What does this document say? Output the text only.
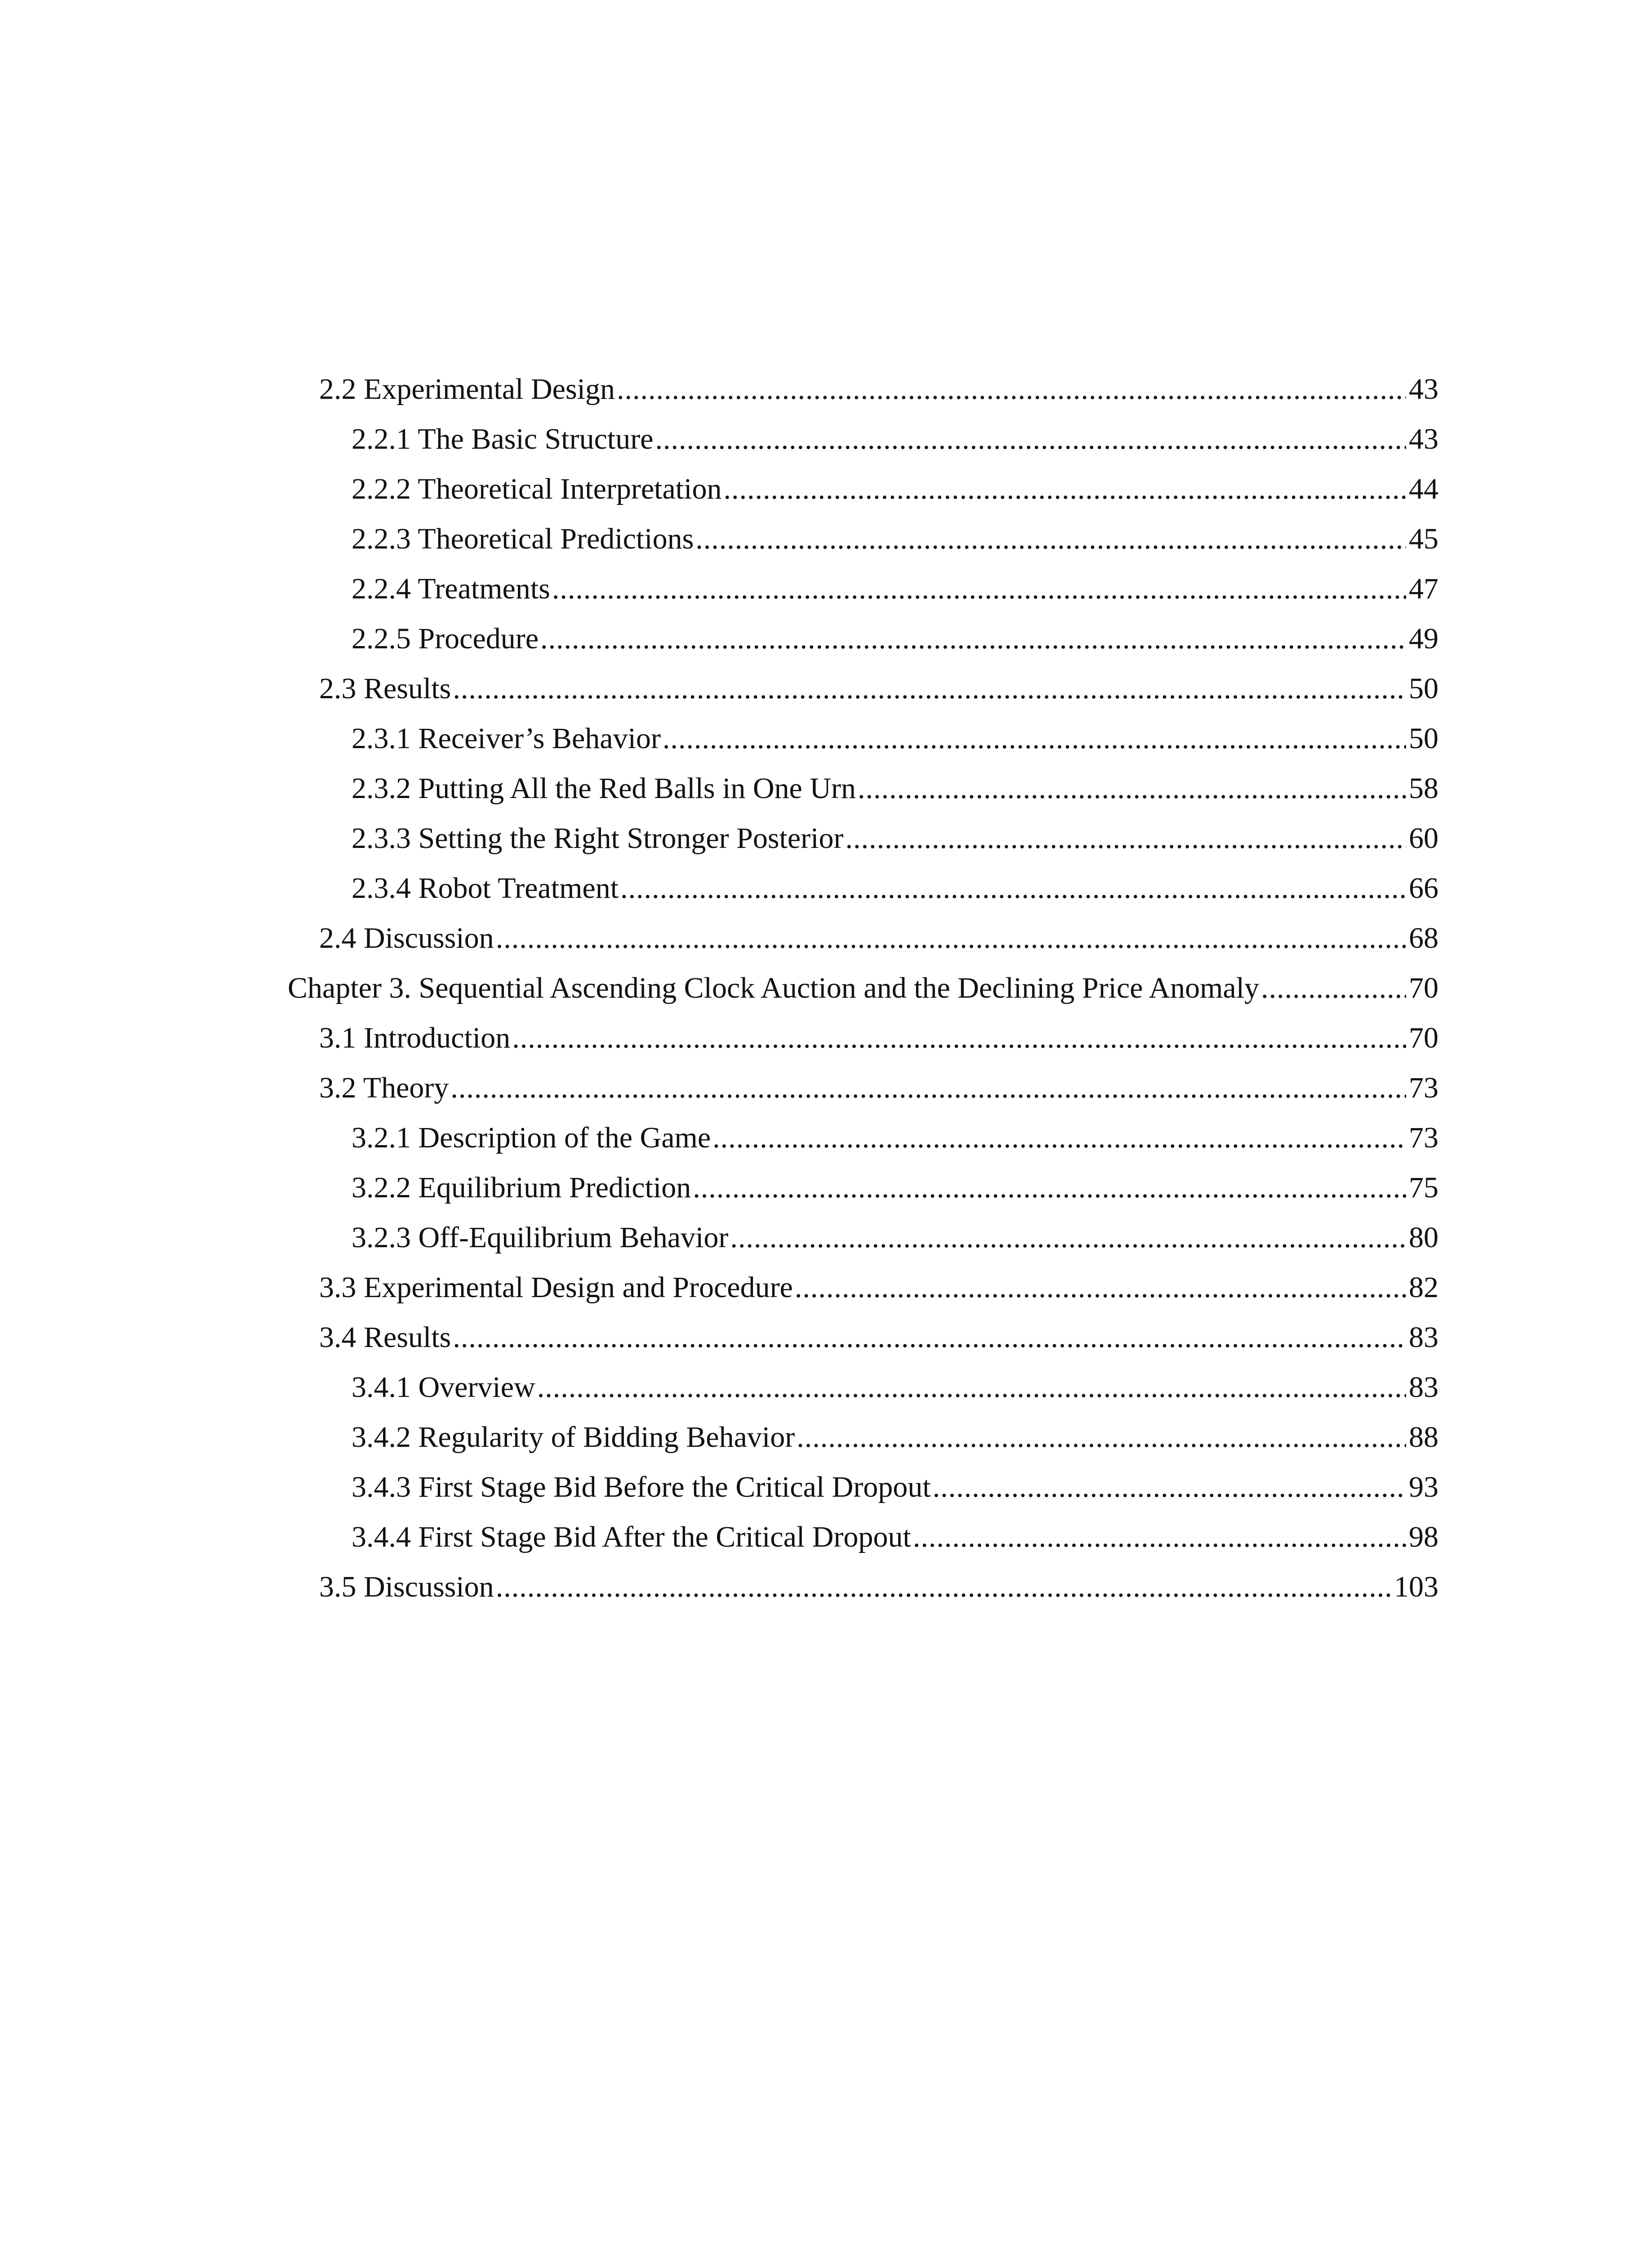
2.2 Experimental Design .....	43
2.2.1 The Basic Structure .....	43
2.2.2 Theoretical Interpretation .....	44
2.2.3 Theoretical Predictions .....	45
2.2.4 Treatments .....	47
2.2.5 Procedure .....	49
2.3 Results .....	50
2.3.1 Receiver’s Behavior .....	50
2.3.2 Putting All the Red Balls in One Urn .....	58
2.3.3 Setting the Right Stronger Posterior .....	60
2.3.4 Robot Treatment .....	66
2.4 Discussion .....	68
Chapter 3. Sequential Ascending Clock Auction and the Declining Price Anomaly .....	70
3.1 Introduction .....	70
3.2 Theory .....	73
3.2.1 Description of the Game .....	73
3.2.2 Equilibrium Prediction .....	75
3.2.3 Off-Equilibrium Behavior .....	80
3.3 Experimental Design and Procedure .....	82
3.4 Results .....	83
3.4.1 Overview .....	83
3.4.2 Regularity of Bidding Behavior .....	88
3.4.3 First Stage Bid Before the Critical Dropout .....	93
3.4.4 First Stage Bid After the Critical Dropout .....	98
3.5 Discussion .....	103
